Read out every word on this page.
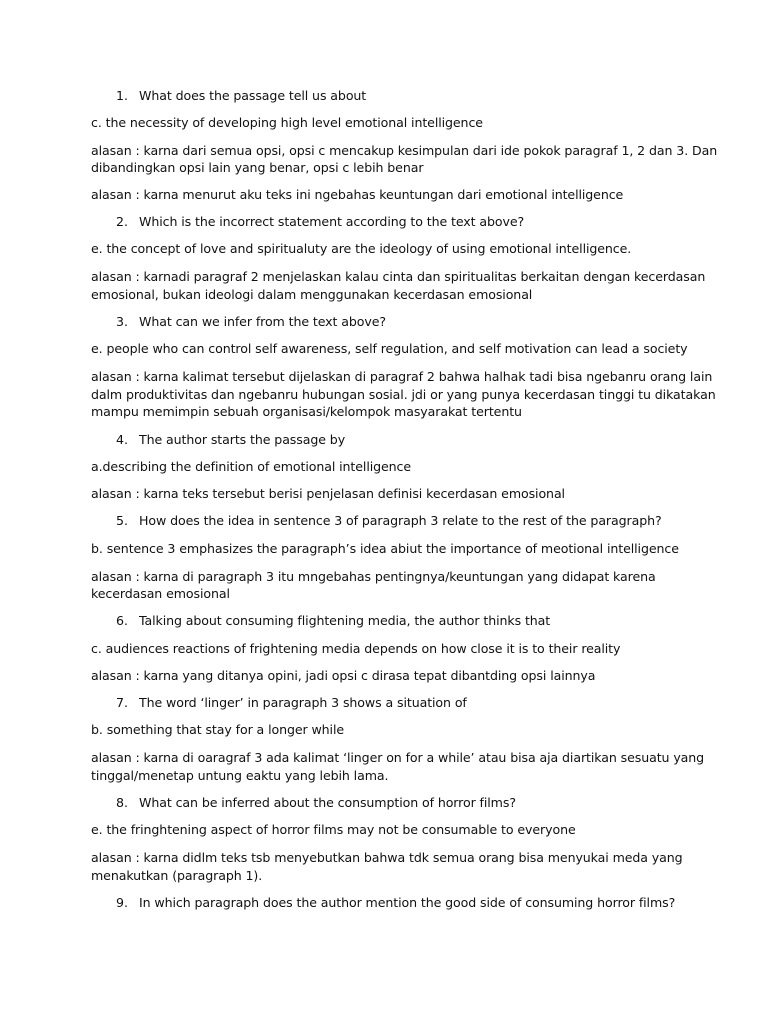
1. What does the passage tell us about
c. the necessity of developing high level emotional intelligence
alasan : karna dari semua opsi, opsi c mencakup kesimpulan dari ide pokok paragraf 1, 2 dan 3. Dan
dibandingkan opsi lain yang benar, opsi c lebih benar
alasan : karna menurut aku teks ini ngebahas keuntungan dari emotional intelligence
2. Which is the incorrect statement according to the text above?
e. the concept of love and spiritualuty are the ideology of using emotional intelligence.
alasan : karnadi paragraf 2 menjelaskan kalau cinta dan spiritualitas berkaitan dengan kecerdasan
emosional, bukan ideologi dalam menggunakan kecerdasan emosional
3. What can we infer from the text above?
e. people who can control self awareness, self regulation, and self motivation can lead a society
alasan : karna kalimat tersebut dijelaskan di paragraf 2 bahwa halhak tadi bisa ngebanru orang lain
dalm produktivitas dan ngebanru hubungan sosial. jdi or yang punya kecerdasan tinggi tu dikatakan
mampu memimpin sebuah organisasi/kelompok masyarakat tertentu
4. The author starts the passage by
a.describing the definition of emotional intelligence
alasan : karna teks tersebut berisi penjelasan definisi kecerdasan emosional
5. How does the idea in sentence 3 of paragraph 3 relate to the rest of the paragraph?
b. sentence 3 emphasizes the paragraph’s idea abiut the importance of meotional intelligence
alasan : karna di paragraph 3 itu mngebahas pentingnya/keuntungan yang didapat karena
kecerdasan emosional
6. Talking about consuming flightening media, the author thinks that
c. audiences reactions of frightening media depends on how close it is to their reality
alasan : karna yang ditanya opini, jadi opsi c dirasa tepat dibantding opsi lainnya
7. The word ‘linger’ in paragraph 3 shows a situation of
b. something that stay for a longer while
alasan : karna di oaragraf 3 ada kalimat ‘linger on for a while’ atau bisa aja diartikan sesuatu yang
tinggal/menetap untung eaktu yang lebih lama.
8. What can be inferred about the consumption of horror films?
e. the fringhtening aspect of horror films may not be consumable to everyone
alasan : karna didlm teks tsb menyebutkan bahwa tdk semua orang bisa menyukai meda yang
menakutkan (paragraph 1).
9. In which paragraph does the author mention the good side of consuming horror films?
